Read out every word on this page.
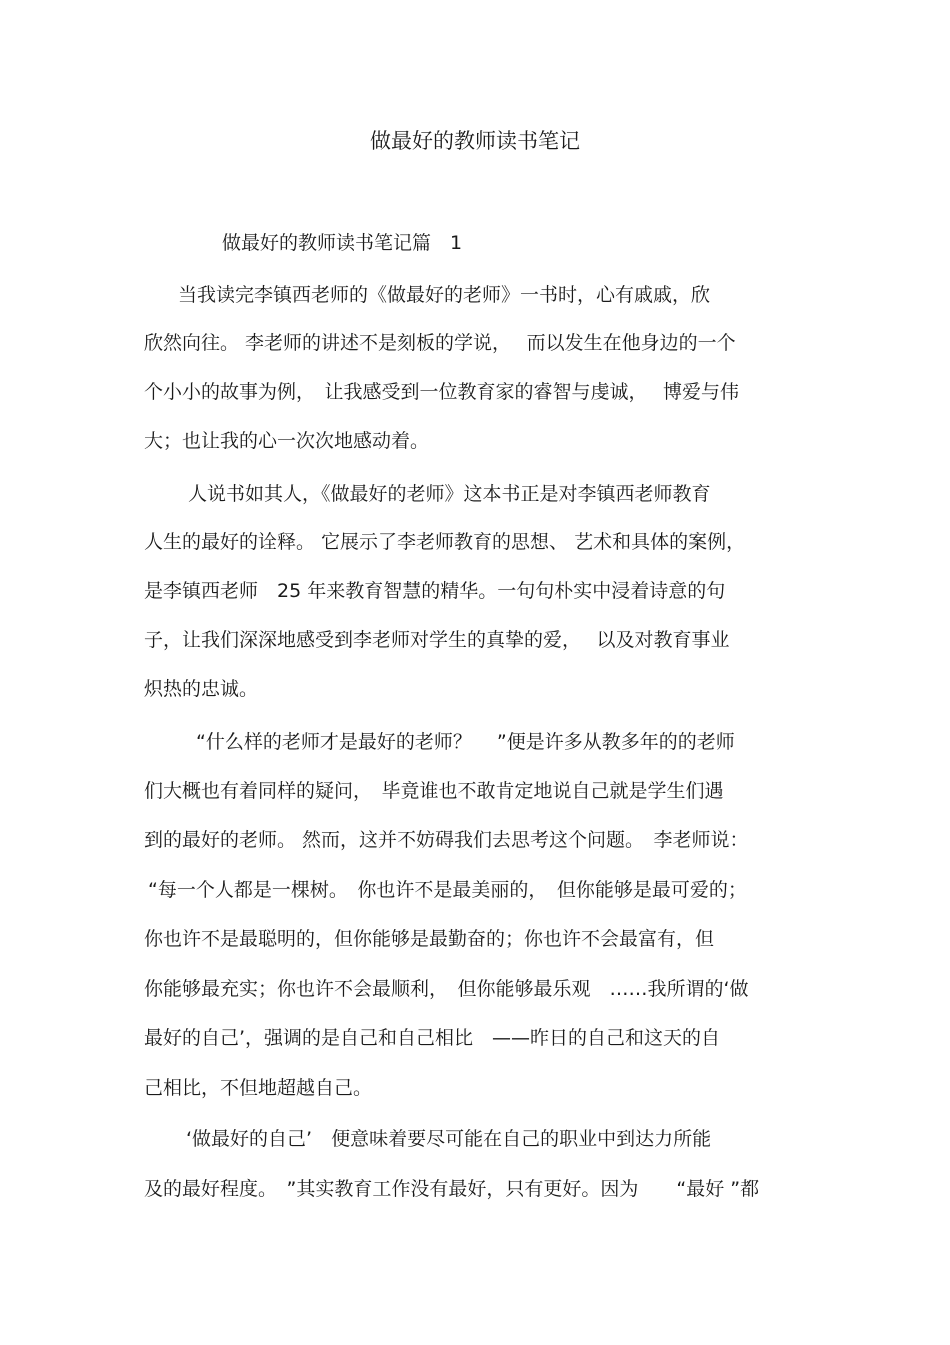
做最好的教师读书笔记
做最好的教师读书笔记篇　1
当我读完李镇西老师的《做最好的老师》一书时，心有戚戚，欣
欣然向往。 李老师的讲述不是刻板的学说，　 而以发生在他身边的一个
个小小的故事为例，　让我感受到一位教育家的睿智与虔诚，　 博爱与伟
大；也让我的心一次次地感动着。
人说书如其人，《做最好的老师》这本书正是对李镇西老师教育
人生的最好的诠释。 它展示了李老师教育的思想、 艺术和具体的案例，
是李镇西老师　25 年来教育智慧的精华。一句句朴实中浸着诗意的句
子，让我们深深地感受到李老师对学生的真挚的爱，　 以及对教育事业
炽热的忠诚。
“什么样的老师才是最好的老师？　 ”便是许多从教多年的的老师
们大概也有着同样的疑问，　毕竟谁也不敢肯定地说自己就是学生们遇
到的最好的老师。 然而，这并不妨碍我们去思考这个问题。　李老师说：
“每一个人都是一棵树。　你也许不是最美丽的，　但你能够是最可爱的；
你也许不是最聪明的，但你能够是最勤奋的；你也许不会最富有，但
你能够最充实；你也许不会最顺利，　但你能够最乐观　……我所谓的‘做
最好的自己’，强调的是自己和自己相比　——昨日的自己和这天的自
己相比，不但地超越自己。
‘做最好的自己’　便意味着要尽可能在自己的职业中到达力所能
及的最好程度。　”其实教育工作没有最好，只有更好。因为　　“最好 ”都
